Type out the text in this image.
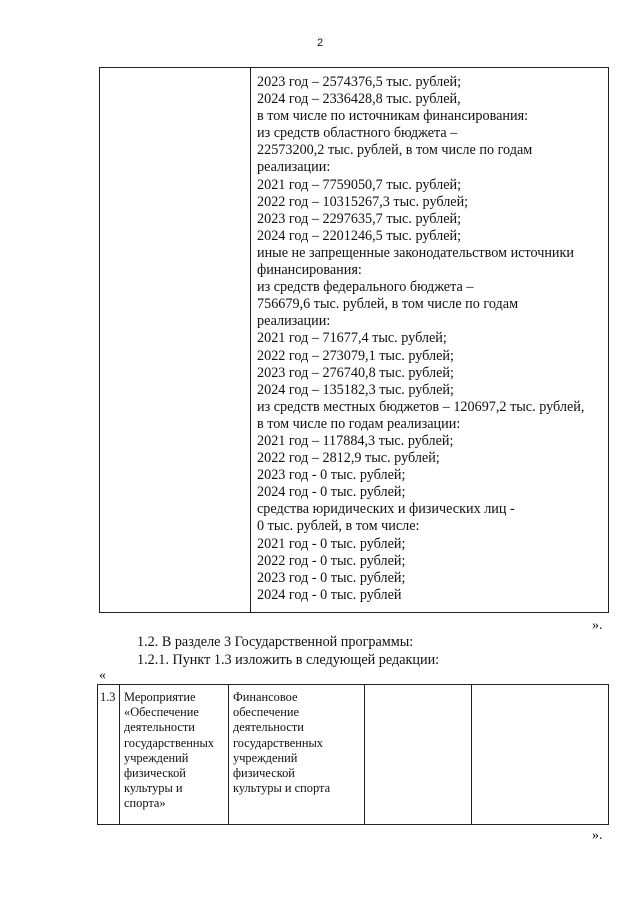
2
2023 год – 2574376,5 тыс. рублей;
2024 год – 2336428,8 тыс. рублей,
в том числе по источникам финансирования:
из средств областного бюджета –
22573200,2 тыс. рублей, в том числе по годам
реализации:
2021 год – 7759050,7 тыс. рублей;
2022 год – 10315267,3 тыс. рублей;
2023 год – 2297635,7 тыс. рублей;
2024 год – 2201246,5 тыс. рублей;
иные не запрещенные законодательством источники
финансирования:
из средств федерального бюджета –
756679,6 тыс. рублей, в том числе по годам
реализации:
2021 год – 71677,4 тыс. рублей;
2022 год – 273079,1 тыс. рублей;
2023 год – 276740,8 тыс. рублей;
2024 год – 135182,3 тыс. рублей;
из средств местных бюджетов – 120697,2 тыс. рублей,
в том числе по годам реализации:
2021 год – 117884,3 тыс. рублей;
2022 год – 2812,9 тыс. рублей;
2023 год - 0 тыс. рублей;
2024 год - 0 тыс. рублей;
средства юридических и физических лиц -
0 тыс. рублей, в том числе:
2021 год - 0 тыс. рублей;
2022 год - 0 тыс. рублей;
2023 год - 0 тыс. рублей;
2024 год - 0 тыс. рублей
».
1.2. В разделе 3 Государственной программы:
1.2.1. Пункт 1.3 изложить в следующей редакции:
«
1.3 Мероприятие
«Обеспечение
деятельности
государственных
учреждений
физической
культуры и
спорта»
Финансовое
обеспечение
деятельности
государственных
учреждений
физической
культуры и спорта
».
